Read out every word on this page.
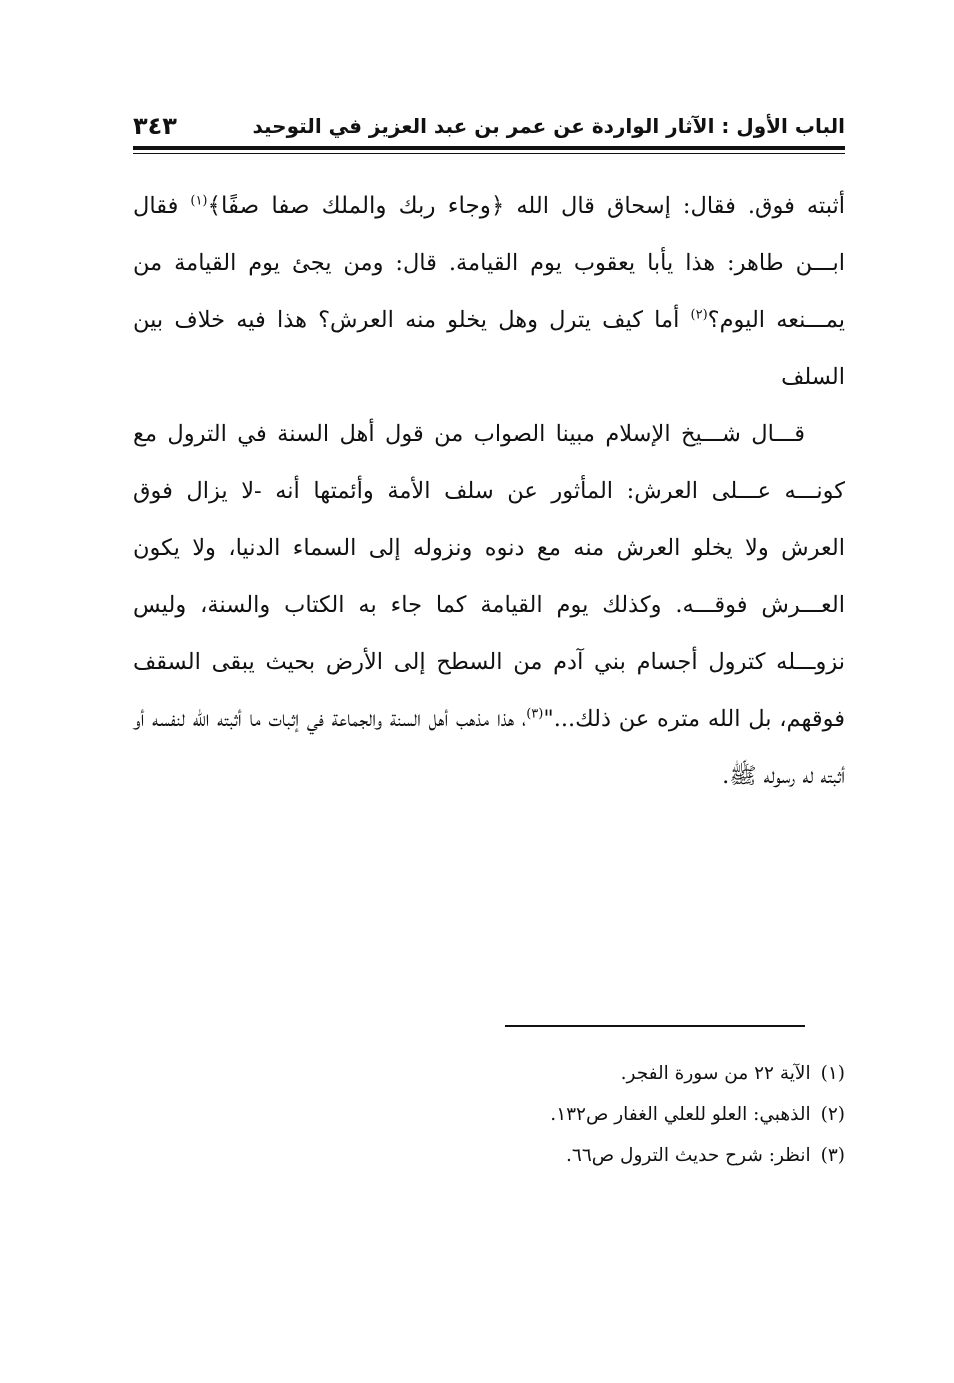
الباب الأول : الآثار الواردة عن عمر بن عبد العزيز في التوحيد
٣٤٣

أثبته فوق. فقال: إسحاق قال الله ﴿وجاء ربك والملك صفا صفًا﴾$^{(١)}$ فقال ابـــن طاهر: هذا يأبا يعقوب يوم القيامة. قال: ومن يجئ يوم القيامة من يمـــنعه اليوم؟$^{(٢)}$ أما كيف يترل وهل يخلو منه العرش؟ هذا فيه خلاف بين السلف

قـــال شـــيخ الإسلام مبينا الصواب من قول أهل السنة في الترول مع كونـــه عـــلى العرش: المأثور عن سلف الأمة وأئمتها أنه -لا يزال فوق العرش ولا يخلو العرش منه مع دنوه ونزوله إلى السماء الدنيا، ولا يكون العـــرش فوقـــه. وكذلك يوم القيامة كما جاء به الكتاب والسنة، وليس نزوـــله كترول أجسام بني آدم من السطح إلى الأرض بحيث يبقى السقف فوقهم، بل الله متره عن ذلك..."$^{(٣)}$، هذا مذهب أهل السنة والجماعة في إثبات ما أثبته الله لنفسه أو أثبته له رسوله ﷺ.

(١)الآية ٢٢ من سورة الفجر.
(٢)الذهبي: العلو للعلي الغفار ص١٣٢.
(٣)انظر: شرح حديث الترول ص٦٦.
